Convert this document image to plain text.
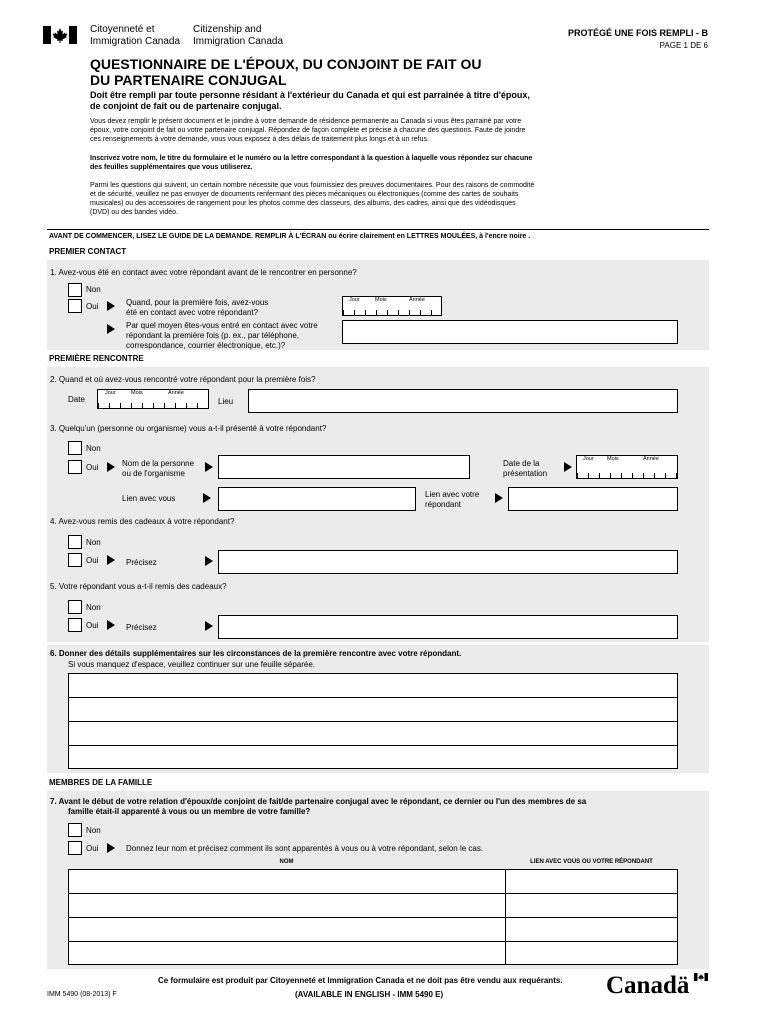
Citoyenneté et
Immigration Canada
Citizenship and
Immigration Canada
PROTÉGÉ UNE FOIS REMPLI - B
PAGE 1 DE 6
QUESTIONNAIRE DE L'ÉPOUX, DU CONJOINT DE FAIT OU
DU PARTENAIRE CONJUGAL
Doit être rempli par toute personne résidant à l'extérieur du Canada et qui est parrainée à titre d'époux,
de conjoint de fait ou de partenaire conjugal.
Vous devez remplir le présent document et le joindre à votre demande de résidence permanente au Canada si vous êtes parrainé par votre
époux, votre conjoint de fait ou votre partenaire conjugal. Répondez de façon complète et précise à chacune des questions. Faute de joindre
ces renseignements à votre demande, vous vous exposez à des délais de traitement plus longs et à un refus.
Inscrivez votre nom, le titre du formulaire et le numéro ou la lettre correspondant à la question à laquelle vous répondez sur chacune
des feuilles supplémentaires que vous utiliserez.
Parmi les questions qui suivent, un certain nombre nécessite que vous fournissiez des preuves documentaires. Pour des raisons de commodité
et de sécurité, veuillez ne pas envoyer de documents renfermant des pièces mécaniques ou électroniques (comme des cartes de souhaits
musicales) ou des accessoires de rangement pour les photos comme des classeurs, des albums, des cadres, ainsi que des vidéodisques
(DVD) ou des bandes vidéo.
AVANT DE COMMENCER, LISEZ LE GUIDE DE LA DEMANDE. REMPLIR À L'ÉCRAN ou écrire clairement en LETTRES MOULÉES, à l'encre noire .
PREMIER CONTACT
1. Avez-vous été en contact avec votre répondant avant de le rencontrer en personne?
Non
Oui	Quand, pour la première fois, avez-vous
été en contact avec votre répondant?
Jour	Mois	Année
Par quel moyen êtes-vous entré en contact avec votre
répondant la première fois (p. ex., par téléphone,
correspondance, courrier électronique, etc.)?
PREMIÈRE RENCONTRE
2. Quand et où avez-vous rencontré votre répondant pour la première fois?
Date
Jour	Mois	Année
Lieu
3. Quelqu'un (personne ou organisme) vous a-t-il présenté à votre répondant?
Non
Oui	Nom de la personne
ou de l'organisme
Date de la
présentation
Jour Mois	Année
Lien avec vous	Lien avec votre
répondant
4. Avez-vous remis des cadeaux à votre répondant?
Non
Oui	Précisez
5. Votre répondant vous a-t-il remis des cadeaux?
Non
Oui	Précisez
6. Donner des détails supplémentaires sur les circonstances de la première rencontre avec votre répondant.
Si vous manquez d'espace, veuillez continuer sur une feuille séparée.
MEMBRES DE LA FAMILLE
7. Avant le début de votre relation d'époux/de conjoint de fait/de partenaire conjugal avec le répondant, ce dernier ou l'un des membres de sa
famille était-il apparenté à vous ou un membre de votre famille?
Non
Oui	Donnez leur nom et précisez comment ils sont apparentés à vous ou à votre répondant, selon le cas.
NOM	LIEN AVEC VOUS OU VOTRE RÉPONDANT
Ce formulaire est produit par Citoyenneté et Immigration Canada et ne doit pas être vendu aux requérants.
(AVAILABLE IN ENGLISH - IMM 5490 E)
IMM 5490 (08-2013) F	Canadä
